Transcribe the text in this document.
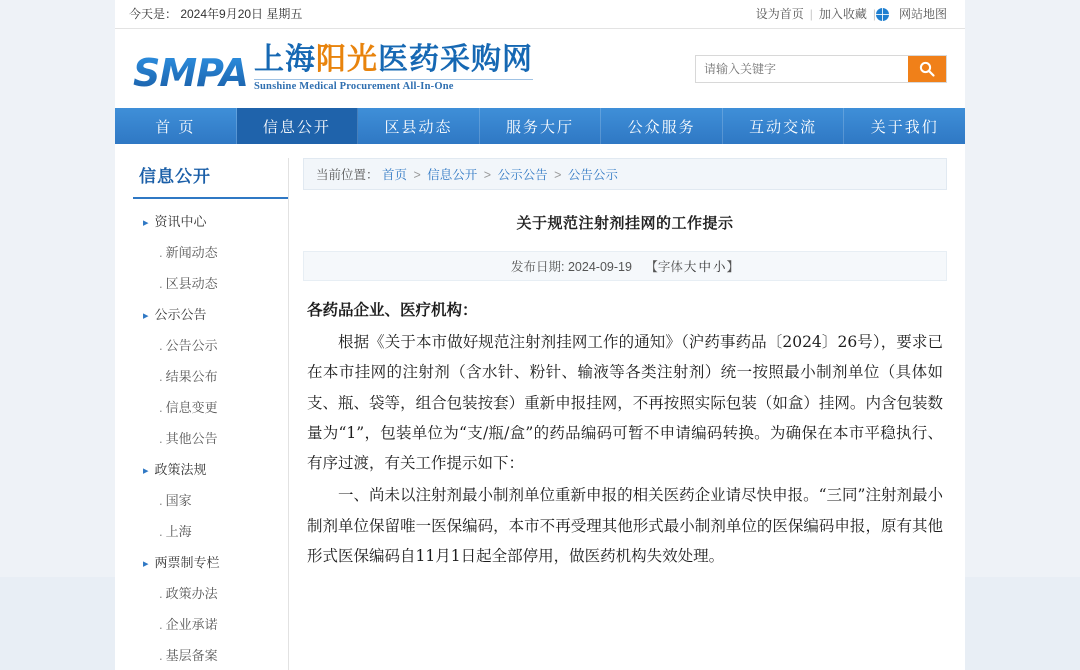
今天是： 2024年9月20日 星期五	设为首页 | 加入收藏 |	网站地图
SMPA 上海阳光医药采购网
Sunshine Medical Procurement All-In-One
请输入关键字
首 页	信息公开	区县动态	服务大厅	公众服务	互动交流	关于我们
信息公开
▸ 资讯中心
. 新闻动态
. 区县动态
▸ 公示公告
. 公告公示
. 结果公布
. 信息变更
. 其他公告
▸ 政策法规
. 国家
. 上海
▸ 两票制专栏
. 政策办法
. 企业承诺
. 基层备案
当前位置： 首页 > 信息公开 > 公示公告 > 公告公示
关于规范注射剂挂网的工作提示
发布日期: 2024-09-19 【字体大 中 小】

各药品企业、医疗机构：

根据《关于本市做好规范注射剂挂网工作的通知》（沪药事药品〔2024〕26号），要求已在本市挂网的注射剂（含水针、粉针、输液等各类注射剂）统一按照最小制剂单位（具体如支、瓶、袋等，组合包装按套）重新申报挂网，不再按照实际包装（如盒）挂网。内含包装数量为“1”，包装单位为“支/瓶/盒”的药品编码可暂不申请编码转换。为确保在本市平稳执行、有序过渡，有关工作提示如下：

一、尚未以注射剂最小制剂单位重新申报的相关医药企业请尽快申报。“三同”注射剂最小制剂单位保留唯一医保编码，本市不再受理其他形式最小制剂单位的医保编码申报，原有其他形式医保编码自11月1日起全部停用，做医药机构失效处理。
